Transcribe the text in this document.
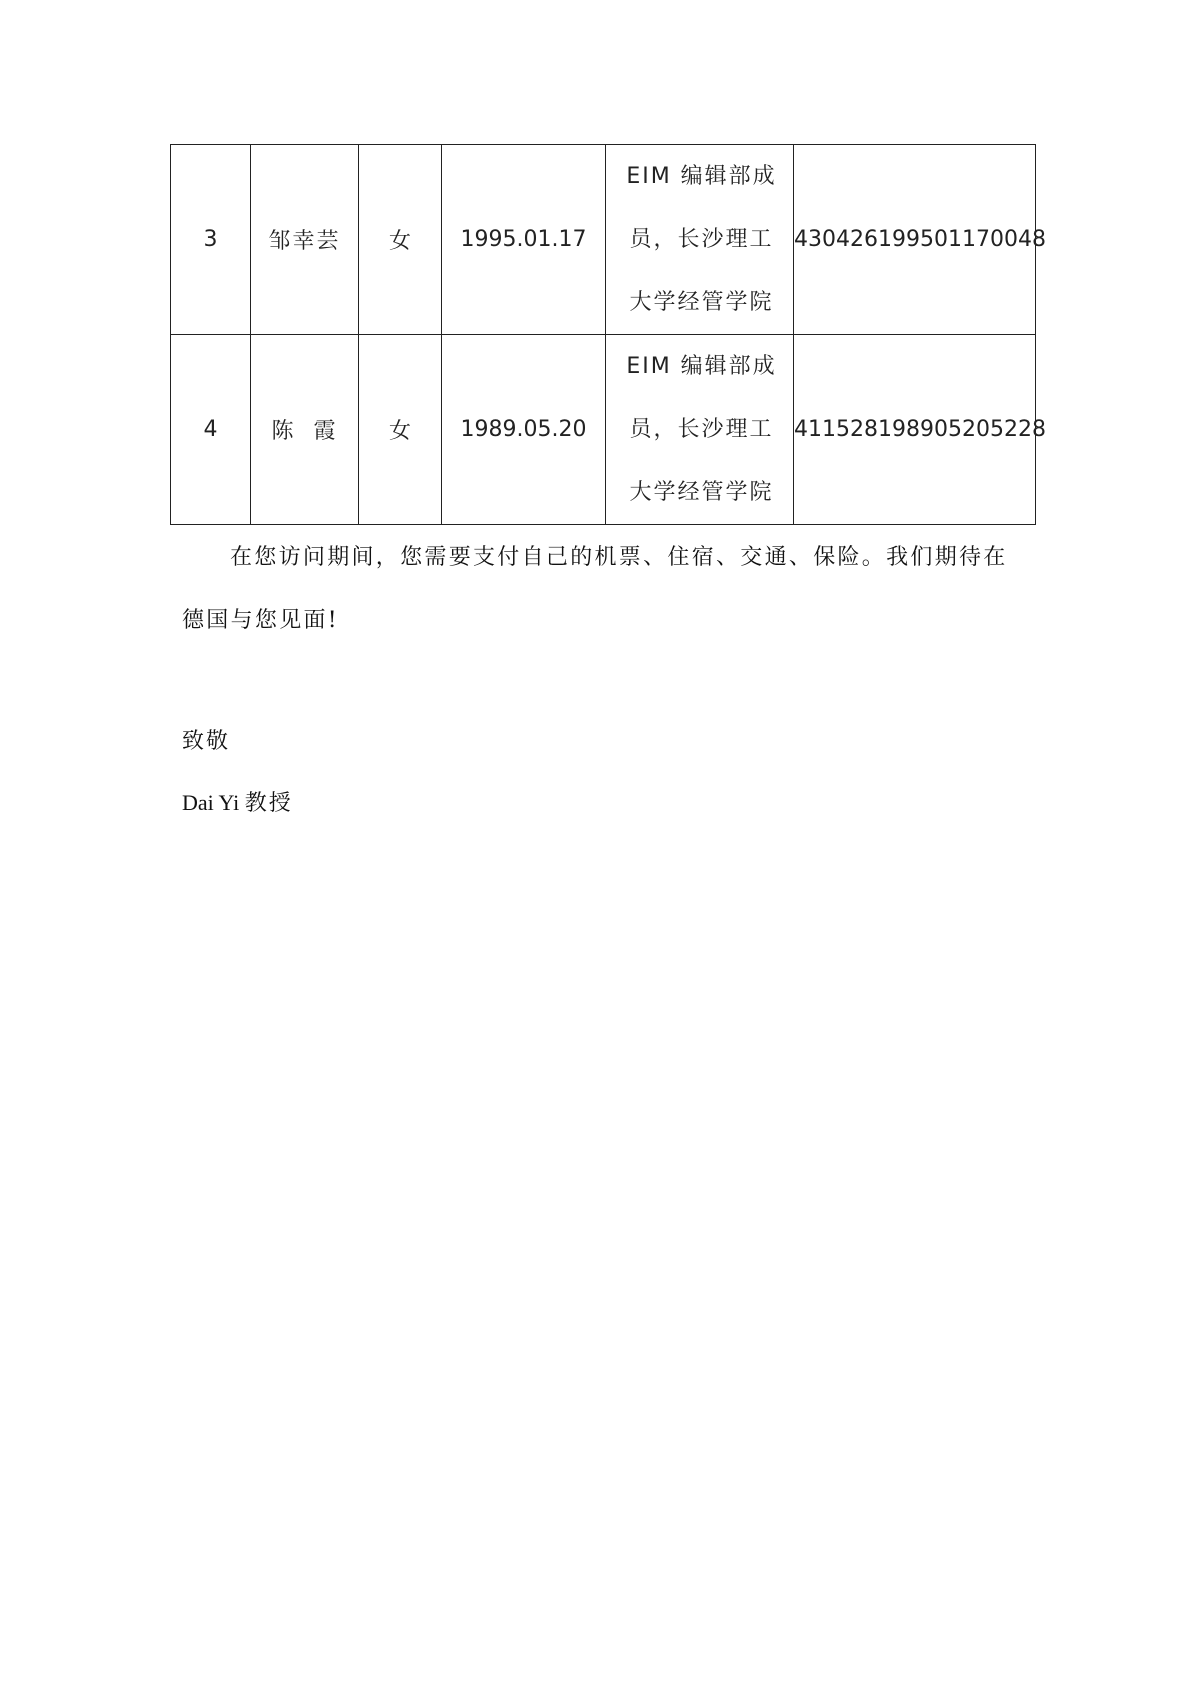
3	邹幸芸	女	1995.01.17	EIM 编辑部成员，长沙理工大学经管学院	430426199501170048
4	陈  霞	女	1989.05.20	EIM 编辑部成员，长沙理工大学经管学院	411528198905205228

在您访问期间，您需要支付自己的机票、住宿、交通、保险。我们期待在德国与您见面!

致敬
Dai Yi 教授
